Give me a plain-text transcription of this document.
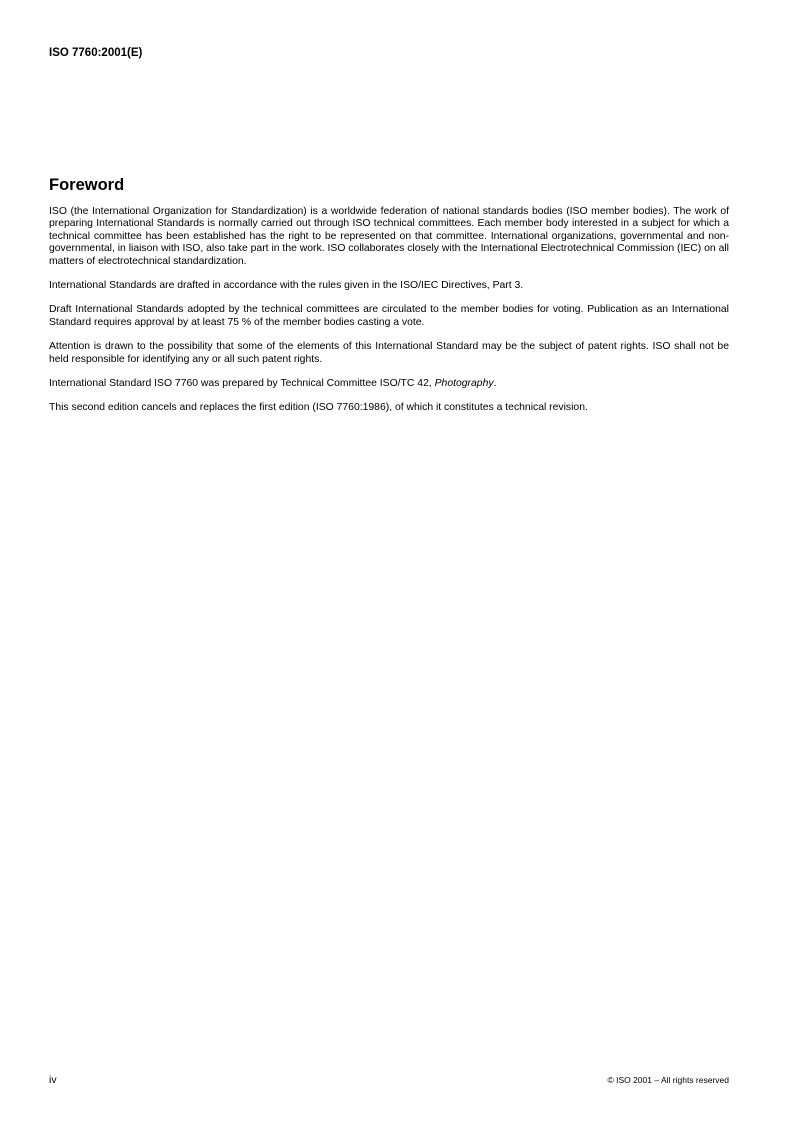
ISO 7760:2001(E)

Foreword

ISO (the International Organization for Standardization) is a worldwide federation of national standards bodies (ISO member bodies). The work of preparing International Standards is normally carried out through ISO technical committees. Each member body interested in a subject for which a technical committee has been established has the right to be represented on that committee. International organizations, governmental and non-governmental, in liaison with ISO, also take part in the work. ISO collaborates closely with the International Electrotechnical Commission (IEC) on all matters of electrotechnical standardization.

International Standards are drafted in accordance with the rules given in the ISO/IEC Directives, Part 3.

Draft International Standards adopted by the technical committees are circulated to the member bodies for voting. Publication as an International Standard requires approval by at least 75 % of the member bodies casting a vote.

Attention is drawn to the possibility that some of the elements of this International Standard may be the subject of patent rights. ISO shall not be held responsible for identifying any or all such patent rights.

International Standard ISO 7760 was prepared by Technical Committee ISO/TC 42, Photography.

This second edition cancels and replaces the first edition (ISO 7760:1986), of which it constitutes a technical revision.

iv	© ISO 2001 – All rights reserved
